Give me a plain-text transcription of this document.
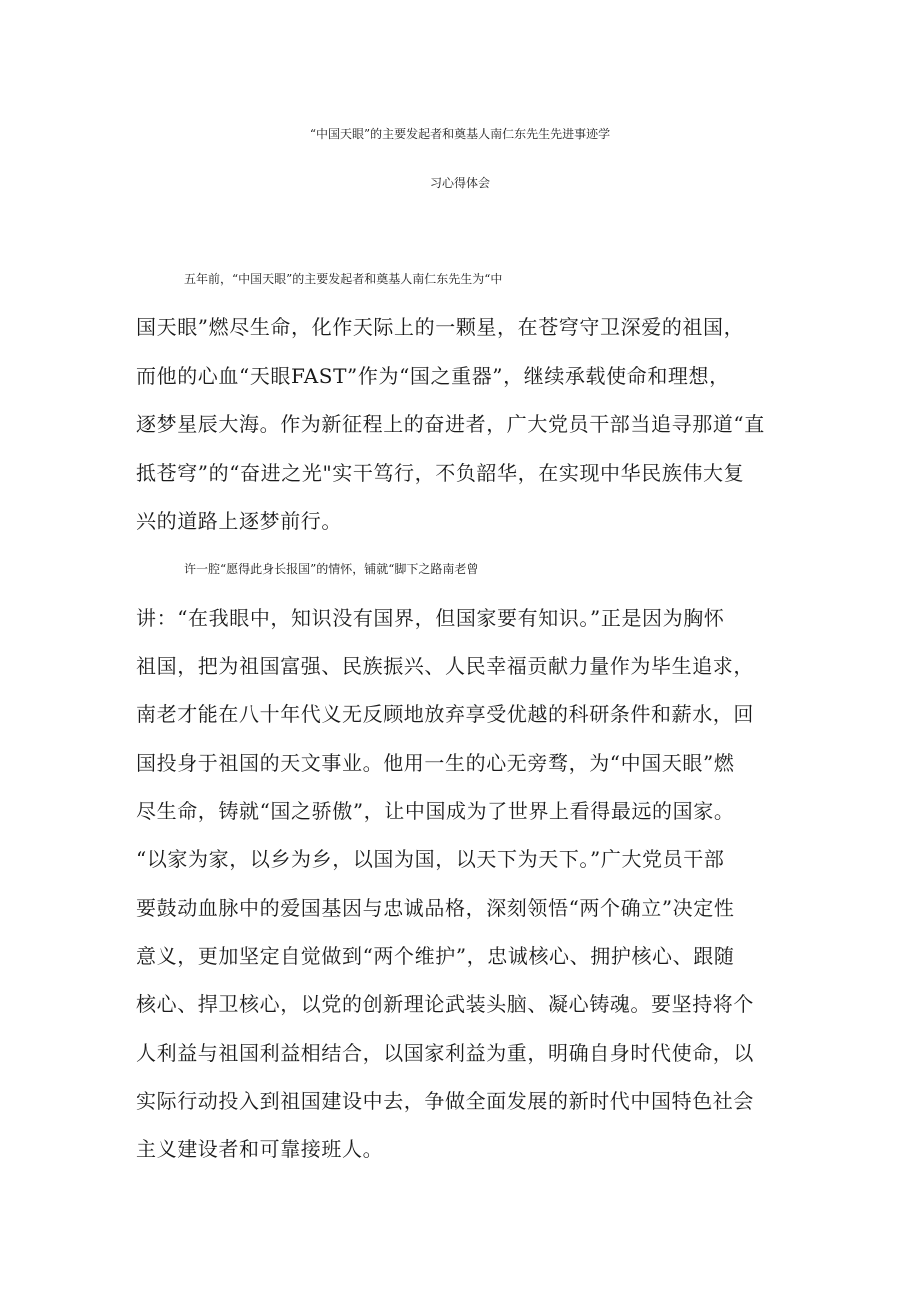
“中国天眼”的主要发起者和奠基人南仁东先生先进事迹学
习心得体会
五年前，“中国天眼”的主要发起者和奠基人南仁东先生为“中
国天眼”燃尽生命，化作天际上的一颗星，在苍穹守卫深爱的祖国，
而他的心血“天眼FAST”作为“国之重器”，继续承载使命和理想，
逐梦星辰大海。作为新征程上的奋进者，广大党员干部当追寻那道“直
抵苍穹”的“奋进之光"实干笃行，不负韶华，在实现中华民族伟大复
兴的道路上逐梦前行。
许一腔“愿得此身长报国”的情怀，铺就“脚下之路南老曾
讲：“在我眼中，知识没有国界，但国家要有知识。”正是因为胸怀
祖国，把为祖国富强、民族振兴、人民幸福贡献力量作为毕生追求，
南老才能在八十年代义无反顾地放弃享受优越的科研条件和薪水，回
国投身于祖国的天文事业。他用一生的心无旁骛，为“中国天眼”燃
尽生命，铸就“国之骄傲”，让中国成为了世界上看得最远的国家。
“以家为家，以乡为乡，以国为国，以天下为天下。”广大党员干部
要鼓动血脉中的爱国基因与忠诚品格，深刻领悟“两个确立”决定性
意义，更加坚定自觉做到“两个维护”，忠诚核心、拥护核心、跟随
核心、捍卫核心，以党的创新理论武装头脑、凝心铸魂。要坚持将个
人利益与祖国利益相结合，以国家利益为重，明确自身时代使命，以
实际行动投入到祖国建设中去，争做全面发展的新时代中国特色社会
主义建设者和可靠接班人。
